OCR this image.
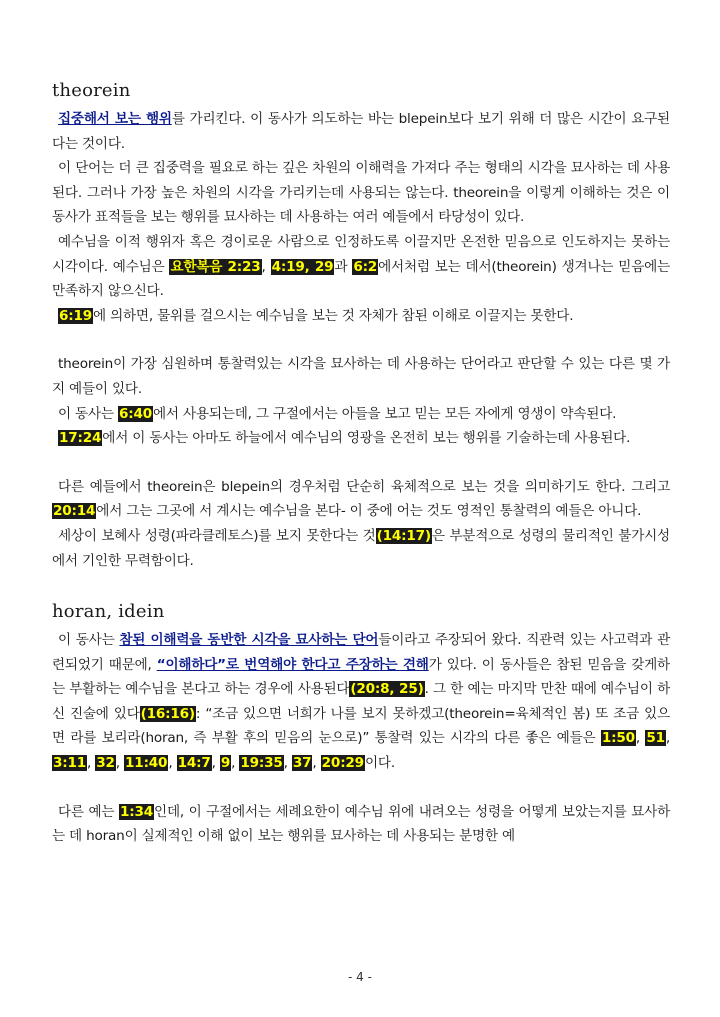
theorein

집중해서 보는 행위를 가리킨다. 이 동사가 의도하는 바는 blepein보다 보기 위해 더 많은 시간이 요구된다는 것이다.

이 단어는 더 큰 집중력을 필요로 하는 깊은 차원의 이해력을 가져다 주는 형태의 시각을 묘사하는 데 사용된다. 그러나 가장 높은 차원의 시각을 가리키는데 사용되는 않는다. theorein을 이렇게 이해하는 것은 이 동사가 표적들을 보는 행위를 묘사하는 데 사용하는 여러 예들에서 타당성이 있다.

예수님을 이적 행위자 혹은 경이로운 사람으로 인정하도록 이끌지만 온전한 믿음으로 인도하지는 못하는 시각이다. 예수님은 요한복음 2:23, 4:19, 29과 6:2에서처럼 보는 데서(theorein) 생겨나는 믿음에는 만족하지 않으신다.

6:19에 의하면, 물위를 걸으시는 예수님을 보는 것 자체가 참된 이해로 이끌지는 못한다.

theorein이 가장 심원하며 통찰력있는 시각을 묘사하는 데 사용하는 단어라고 판단할 수 있는 다른 몇 가지 예들이 있다.

이 동사는 6:40에서 사용되는데, 그 구절에서는 아들을 보고 믿는 모든 자에게 영생이 약속된다.

17:24에서 이 동사는 아마도 하늘에서 예수님의 영광을 온전히 보는 행위를 기술하는데 사용된다.

다른 예들에서 theorein은 blepein의 경우처럼 단순히 육체적으로 보는 것을 의미하기도 한다. 그리고 20:14에서 그는 그곳에 서 계시는 예수님을 본다- 이 중에 어는 것도 영적인 통찰력의 예들은 아니다.

세상이 보혜사 성령(파라클레토스)를 보지 못한다는 것(14:17)은 부분적으로 성령의 물리적인 불가시성에서 기인한 무력함이다.

horan, idein

이 동사는 참된 이해력을 동반한 시각을 묘사하는 단어들이라고 주장되어 왔다. 직관력 있는 사고력과 관련되었기 때문에, “이해하다”로 번역해야 한다고 주장하는 견해가 있다. 이 동사들은 참된 믿음을 갖게하는 부활하는 예수님을 본다고 하는 경우에 사용된다(20:8, 25). 그 한 예는 마지막 만찬 때에 예수님이 하신 진술에 있다(16:16): “조금 있으면 너희가 나를 보지 못하겠고(theorein=육체적인 봄) 또 조금 있으면 라를 보리라(horan, 즉 부활 후의 믿음의 눈으로)” 통찰력 있는 시각의 다른 좋은 예들은 1:50, 51, 3:11, 32, 11:40, 14:7, 9, 19:35, 37, 20:29이다.

다른 예는 1:34인데, 이 구절에서는 세례요한이 예수님 위에 내려오는 성령을 어떻게 보았는지를 묘사하는 데 horan이 실제적인 이해 없이 보는 행위를 묘사하는 데 사용되는 분명한 예

- 4 -
